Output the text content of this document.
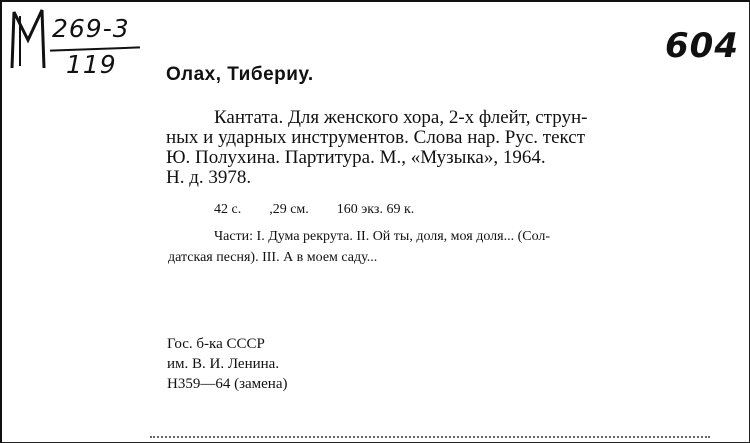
269-3
119	604
Олах, Тибериу.
Кантата. Для женского хора, 2-х флейт, струн-
ных и ударных инструментов. Слова нар. Рус. текст
Ю. Полухина. Партитура. М., «Музыка», 1964.
Н. д. 3978.
42 с.        ,29 см.        160 экз. 69 к.
Части: I. Дума рекрута. II. Ой ты, доля, моя доля... (Сол-
датская песня). III. А в моем саду...
Гос. б-ка СССР
им. В. И. Ленина.
Н359—64 (замена)
